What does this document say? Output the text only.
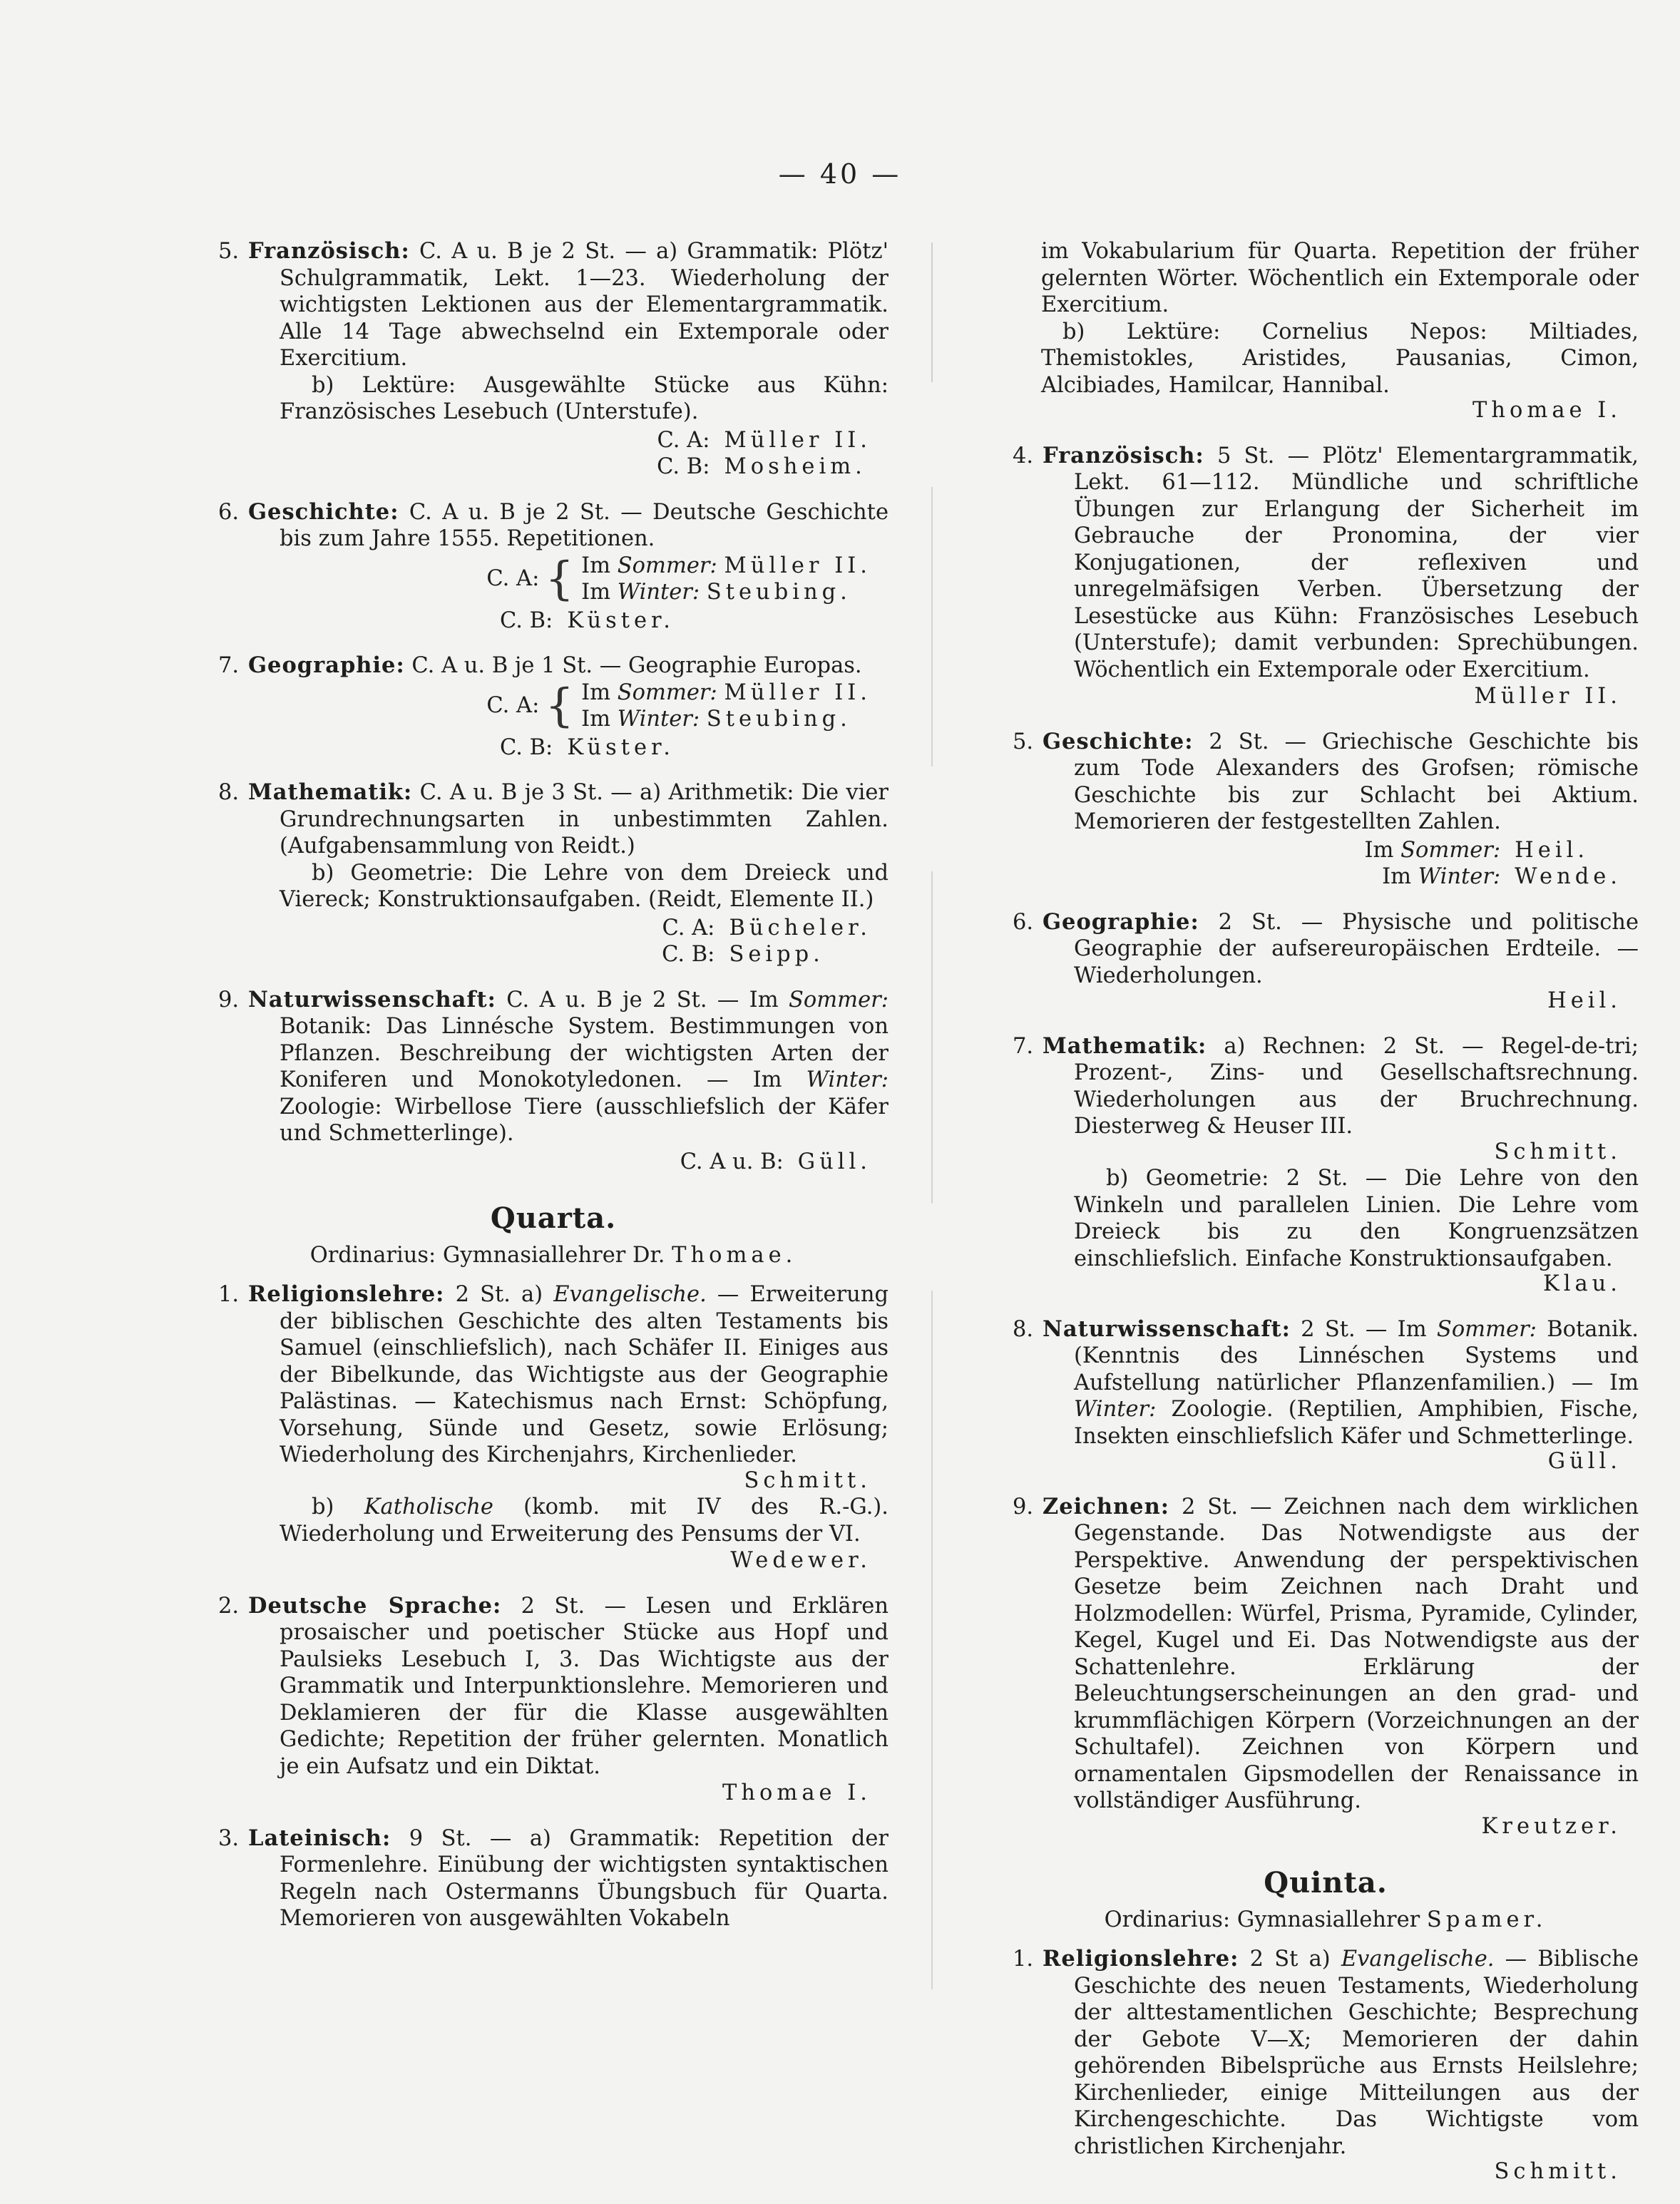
— 40 —

5. Französisch: C. A u. B je 2 St. — a) Grammatik: Plötz' Schulgrammatik, Lekt. 1—23. Wiederholung der wichtigsten Lektionen aus der Elementargrammatik. Alle 14 Tage abwechselnd ein Extemporale oder Exercitium.

b) Lektüre: Ausgewählte Stücke aus Kühn: Französisches Lesebuch (Unterstufe).

C. A: Müller II.
C. B: Mosheim.

6. Geschichte: C. A u. B je 2 St. — Deutsche Geschichte bis zum Jahre 1555. Repetitionen.

C. A: { Im Sommer: Müller II.
Im Winter: Steubing.
C. B: Küster.

7. Geographie: C. A u. B je 1 St. — Geographie Europas.

C. A: { Im Sommer: Müller II.
Im Winter: Steubing.
C. B: Küster.

8. Mathematik: C. A u. B je 3 St. — a) Arithmetik: Die vier Grundrechnungsarten in unbestimmten Zahlen. (Aufgabensammlung von Reidt.)

b) Geometrie: Die Lehre von dem Dreieck und Viereck; Konstruktionsaufgaben. (Reidt, Elemente II.)

C. A: Bücheler.
C. B: Seipp.

9. Naturwissenschaft: C. A u. B je 2 St. — Im Sommer: Botanik: Das Linnésche System. Bestimmungen von Pflanzen. Beschreibung der wichtigsten Arten der Koniferen und Monokotyledonen. — Im Winter: Zoologie: Wirbellose Tiere (ausschliefslich der Käfer und Schmetterlinge).

C. A u. B: Güll.
Quarta.
Ordinarius: Gymnasiallehrer Dr. Thomae.

1. Religionslehre: 2 St. a) Evangelische. — Erweiterung der biblischen Geschichte des alten Testaments bis Samuel (einschliefslich), nach Schäfer II. Einiges aus der Bibelkunde, das Wichtigste aus der Geographie Palästinas. — Katechismus nach Ernst: Schöpfung, Vorsehung, Sünde und Gesetz, sowie Erlösung; Wiederholung des Kirchenjahrs, Kirchenlieder.

Schmitt.

b) Katholische (komb. mit IV des R.-G.). Wiederholung und Erweiterung des Pensums der VI.

Wedewer.

2. Deutsche Sprache: 2 St. — Lesen und Erklären prosaischer und poetischer Stücke aus Hopf und Paulsieks Lesebuch I, 3. Das Wichtigste aus der Grammatik und Interpunktionslehre. Memorieren und Deklamieren der für die Klasse ausgewählten Gedichte; Repetition der früher gelernten. Monatlich je ein Aufsatz und ein Diktat.

Thomae I.

3. Lateinisch: 9 St. — a) Grammatik: Repetition der Formenlehre. Einübung der wichtigsten syntaktischen Regeln nach Ostermanns Übungsbuch für Quarta. Memorieren von ausgewählten Vokabeln

im Vokabularium für Quarta. Repetition der früher gelernten Wörter. Wöchentlich ein Extemporale oder Exercitium.

b) Lektüre: Cornelius Nepos: Miltiades, Themistokles, Aristides, Pausanias, Cimon, Alcibiades, Hamilcar, Hannibal.

Thomae I.

4. Französisch: 5 St. — Plötz' Elementargrammatik, Lekt. 61—112. Mündliche und schriftliche Übungen zur Erlangung der Sicherheit im Gebrauche der Pronomina, der vier Konjugationen, der reflexiven und unregelmäfsigen Verben. Übersetzung der Lesestücke aus Kühn: Französisches Lesebuch (Unterstufe); damit verbunden: Sprechübungen. Wöchentlich ein Extemporale oder Exercitium.

Müller II.

5. Geschichte: 2 St. — Griechische Geschichte bis zum Tode Alexanders des Grofsen; römische Geschichte bis zur Schlacht bei Aktium. Memorieren der festgestellten Zahlen.

Im Sommer: Heil.
Im Winter: Wende.

6. Geographie: 2 St. — Physische und politische Geographie der aufsereuropäischen Erdteile. — Wiederholungen.

Heil.

7. Mathematik: a) Rechnen: 2 St. — Regel-de-tri; Prozent-, Zins- und Gesellschaftsrechnung. Wiederholungen aus der Bruchrechnung. Diesterweg & Heuser III.

Schmitt.

b) Geometrie: 2 St. — Die Lehre von den Winkeln und parallelen Linien. Die Lehre vom Dreieck bis zu den Kongruenzsätzen einschliefslich. Einfache Konstruktionsaufgaben.

Klau.

8. Naturwissenschaft: 2 St. — Im Sommer: Botanik. (Kenntnis des Linnéschen Systems und Aufstellung natürlicher Pflanzenfamilien.) — Im Winter: Zoologie. (Reptilien, Amphibien, Fische, Insekten einschliefslich Käfer und Schmetterlinge.

Güll.

9. Zeichnen: 2 St. — Zeichnen nach dem wirklichen Gegenstande. Das Notwendigste aus der Perspektive. Anwendung der perspektivischen Gesetze beim Zeichnen nach Draht und Holzmodellen: Würfel, Prisma, Pyramide, Cylinder, Kegel, Kugel und Ei. Das Notwendigste aus der Schattenlehre. Erklärung der Beleuchtungserscheinungen an den grad- und krummflächigen Körpern (Vorzeichnungen an der Schultafel). Zeichnen von Körpern und ornamentalen Gipsmodellen der Renaissance in vollständiger Ausführung.

Kreutzer.

Quinta.
Ordinarius: Gymnasiallehrer Spamer.

1. Religionslehre: 2 St a) Evangelische. — Biblische Geschichte des neuen Testaments, Wiederholung der alttestamentlichen Geschichte; Besprechung der Gebote V—X; Memorieren der dahin gehörenden Bibelsprüche aus Ernsts Heilslehre; Kirchenlieder, einige Mitteilungen aus der Kirchengeschichte. Das Wichtigste vom christlichen Kirchenjahr.

Schmitt.
